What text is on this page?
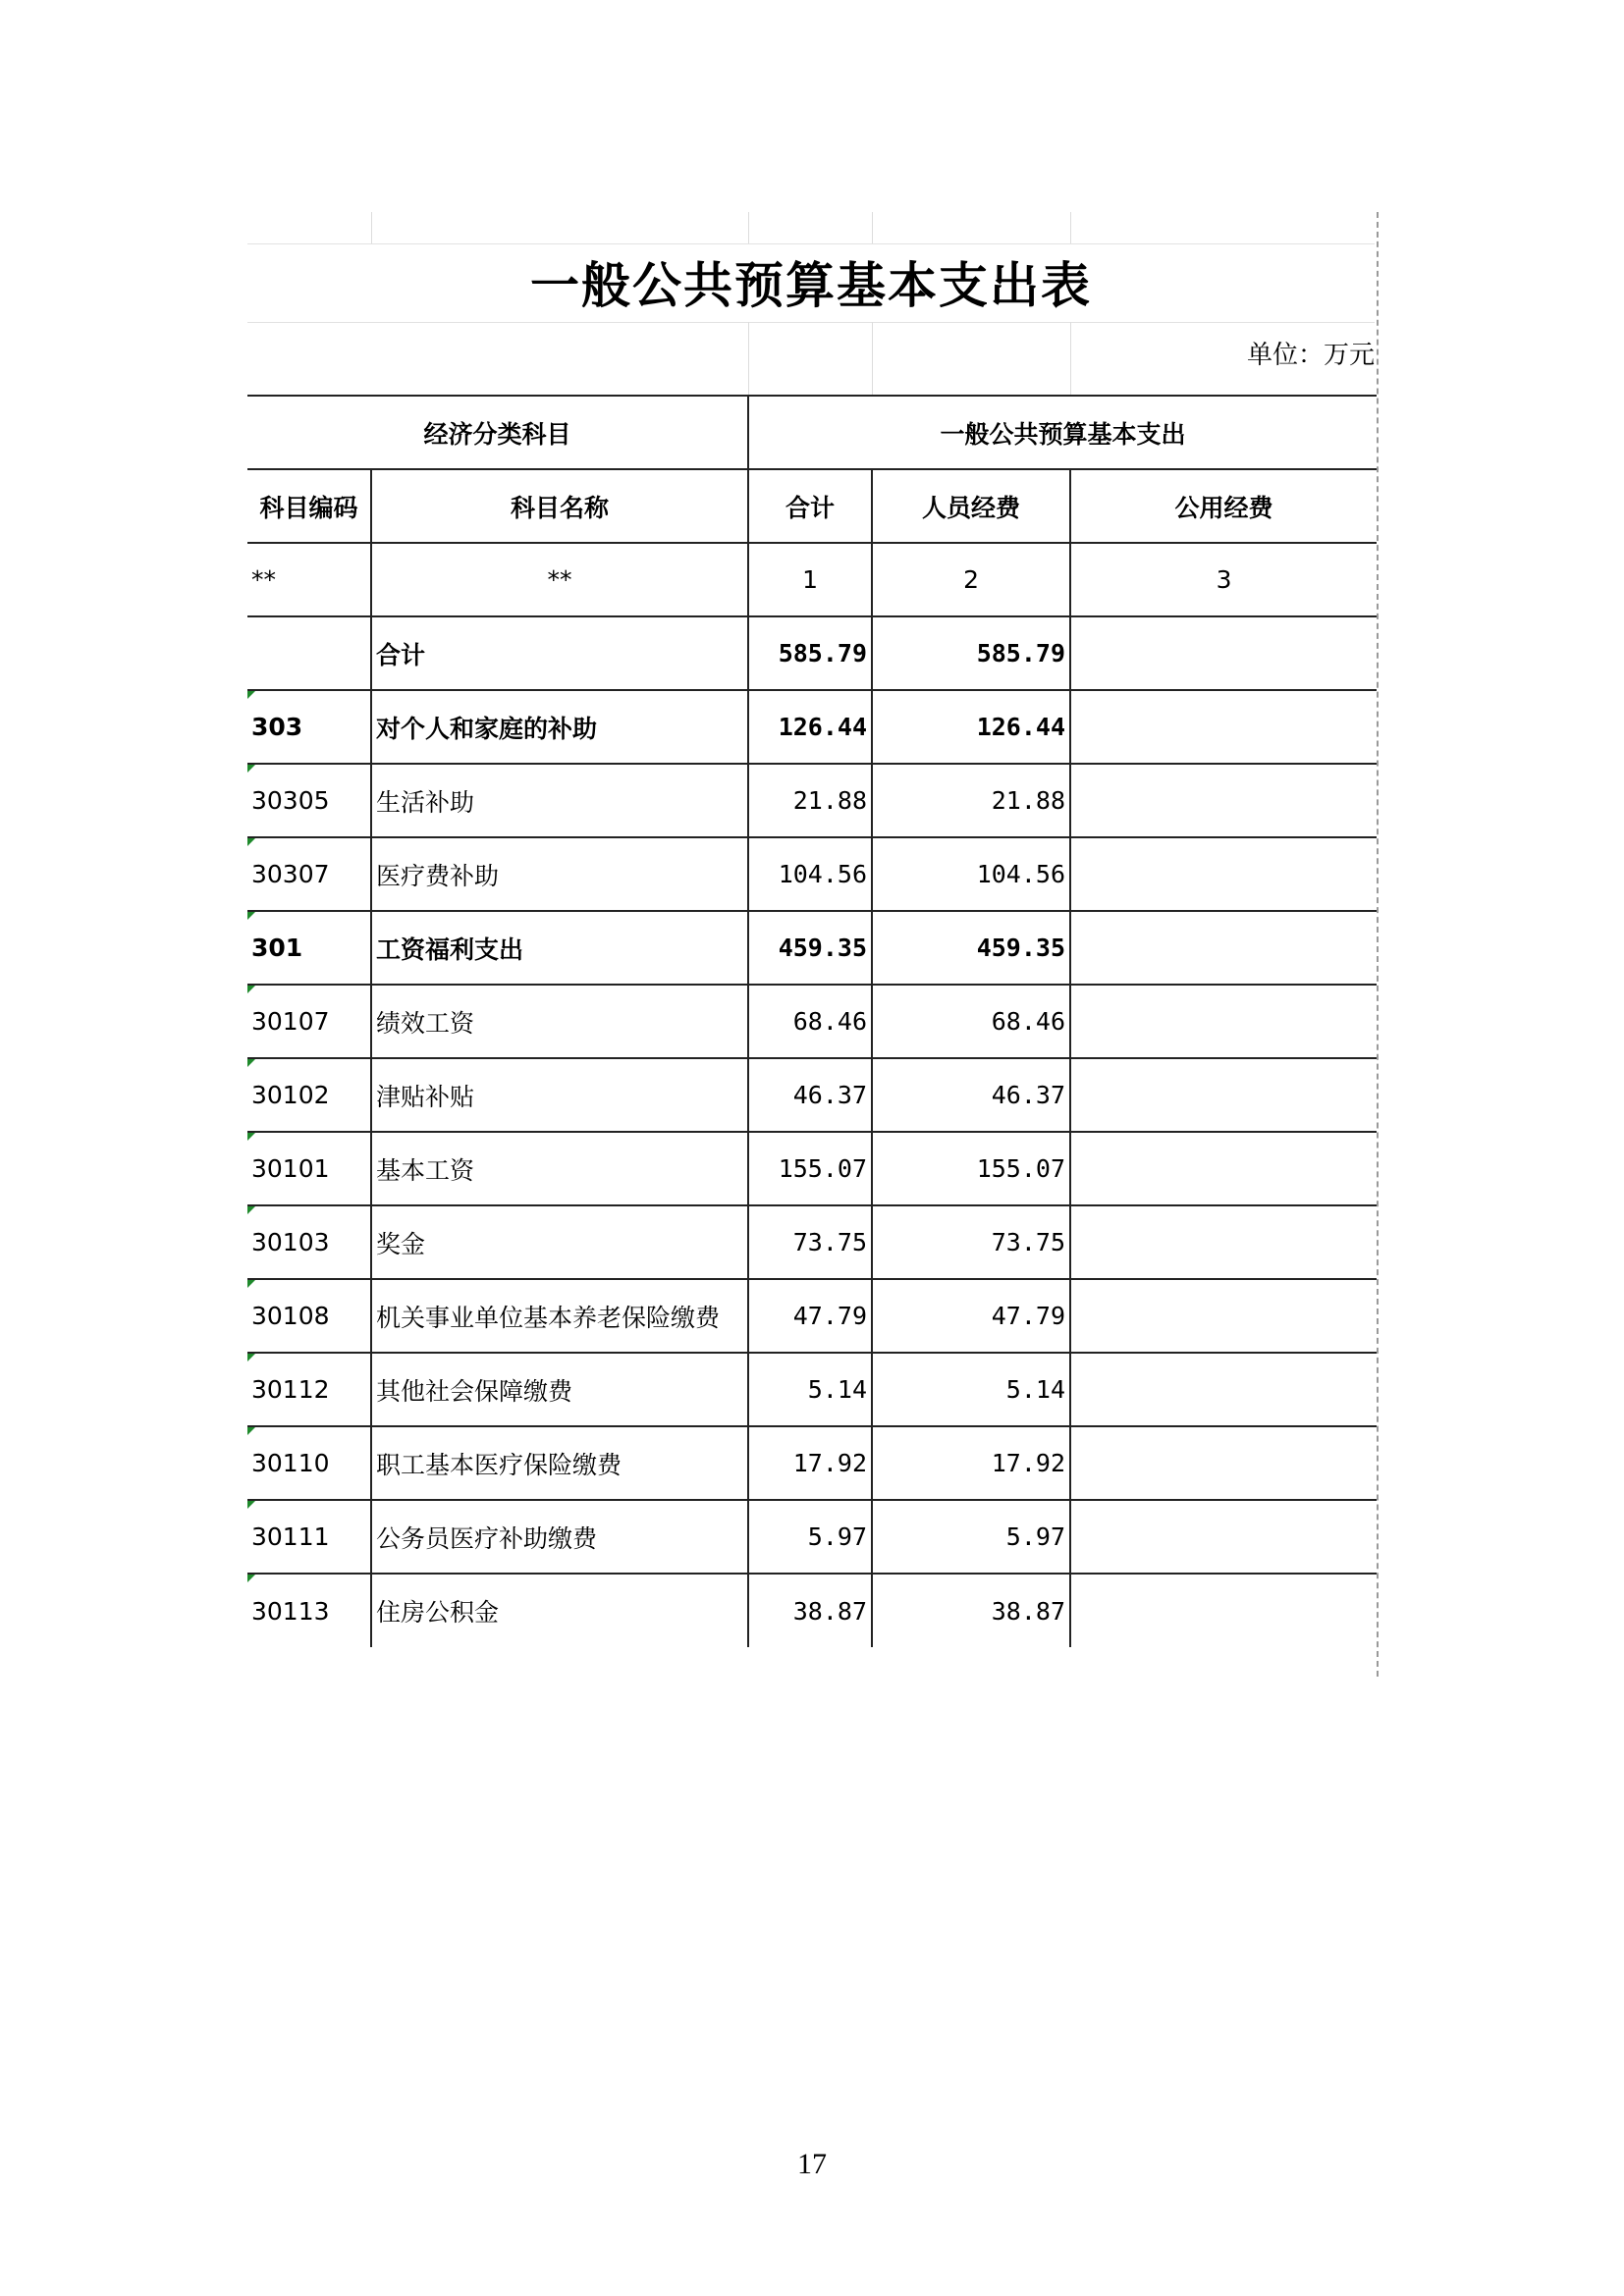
一般公共预算基本支出表
单位：万元
经济分类科目		一般公共预算基本支出		
科目编码	科目名称	合计	人员经费	公用经费
**	**	1	2	3
	合计	585.79	585.79	

303	对个人和家庭的补助	126.44	126.44	

30305	生活补助	21.88	21.88	

30307	医疗费补助	104.56	104.56	

301	工资福利支出	459.35	459.35	

30107	绩效工资	68.46	68.46	

30102	津贴补贴	46.37	46.37	

30101	基本工资	155.07	155.07	

30103	奖金	73.75	73.75	

30108	机关事业单位基本养老保险缴费	47.79	47.79	

30112	其他社会保障缴费	5.14	5.14	

30110	职工基本医疗保险缴费	17.92	17.92	

30111	公务员医疗补助缴费	5.97	5.97	

30113	住房公积金	38.87	38.87	
17
